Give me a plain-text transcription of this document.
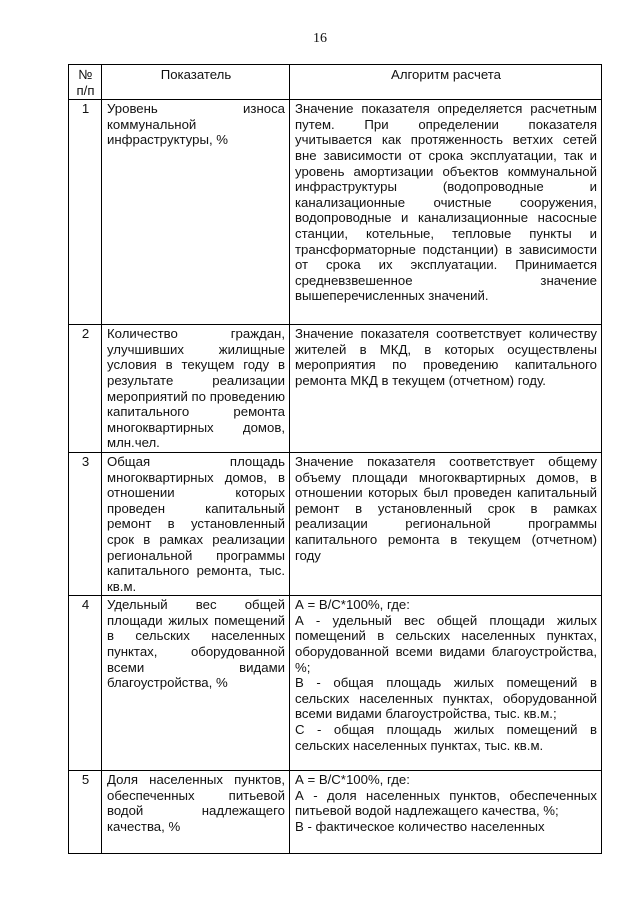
16
№ п/п	Показатель	Алгоритм расчета
1	Уровень износа коммунальной инфраструктуры, %	Значение показателя определяется расчетным путем. При определении показателя учитывается как протяженность ветхих сетей вне зависимости от срока эксплуатации, так и уровень амортизации объектов коммунальной инфраструктуры (водопроводные и канализационные очистные сооружения, водопроводные и канализационные насосные станции, котельные, тепловые пункты и трансформаторные подстанции) в зависимости от срока их эксплуатации. Принимается средневзвешенное значение вышеперечисленных значений.
2	Количество граждан, улучшивших жилищные условия в текущем году в результате реализации мероприятий по проведению капитального ремонта многоквартирных домов, млн.чел.	Значение показателя соответствует количеству жителей в МКД, в которых осуществлены мероприятия по проведению капитального ремонта МКД в текущем (отчетном) году.
3	Общая площадь многоквартирных домов, в отношении которых проведен капитальный ремонт в установленный срок в рамках реализации региональной программы капитального ремонта, тыс. кв.м.	Значение показателя соответствует общему объему площади многоквартирных домов, в отношении которых был проведен капитальный ремонт в установленный срок в рамках реализации региональной программы капитального ремонта в текущем (отчетном) году
4	Удельный вес общей площади жилых помещений в сельских населенных пунктах, оборудованной всеми видами благоустройства, %	А = В/С*100%, где:
А - удельный вес общей площади жилых помещений в сельских населенных пунктах, оборудованной всеми видами благоустройства, %;
В - общая площадь жилых помещений в сельских населенных пунктах, оборудованной всеми видами благоустройства, тыс. кв.м.;
С - общая площадь жилых помещений в сельских населенных пунктах, тыс. кв.м.

5	Доля населенных пунктов, обеспеченных питьевой водой надлежащего качества, %	А = В/С*100%, где:
А - доля населенных пунктов, обеспеченных питьевой водой надлежащего качества, %;
В - фактическое количество населенных
